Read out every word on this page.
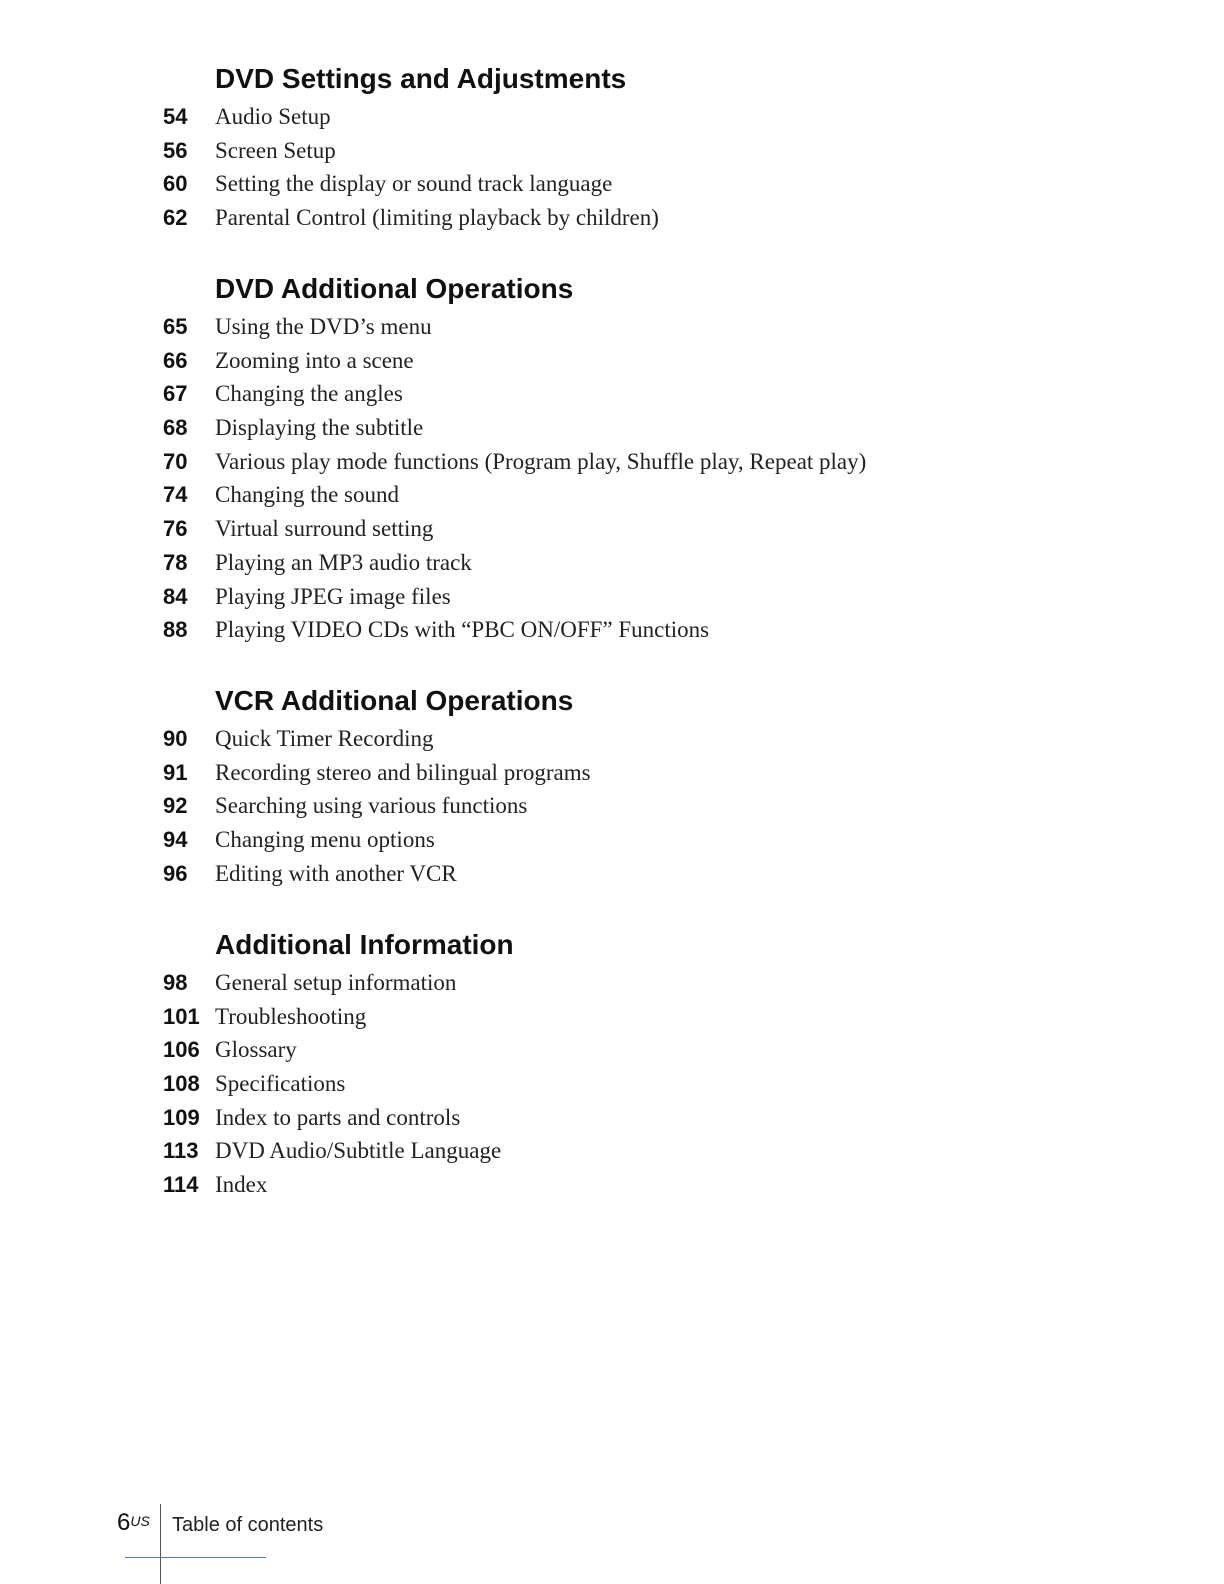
DVD Settings and Adjustments
54 Audio Setup
56 Screen Setup
60 Setting the display or sound track language
62 Parental Control (limiting playback by children)
DVD Additional Operations
65 Using the DVD’s menu
66 Zooming into a scene
67 Changing the angles
68 Displaying the subtitle
70 Various play mode functions (Program play, Shuffle play, Repeat play)
74 Changing the sound
76 Virtual surround setting
78 Playing an MP3 audio track
84 Playing JPEG image files
88 Playing VIDEO CDs with “PBC ON/OFF” Functions
VCR Additional Operations
90 Quick Timer Recording
91 Recording stereo and bilingual programs
92 Searching using various functions
94 Changing menu options
96 Editing with another VCR
Additional Information
98 General setup information
101 Troubleshooting
106 Glossary
108 Specifications
109 Index to parts and controls
113 DVD Audio/Subtitle Language
114 Index
$6^{US}$ Table of contents
